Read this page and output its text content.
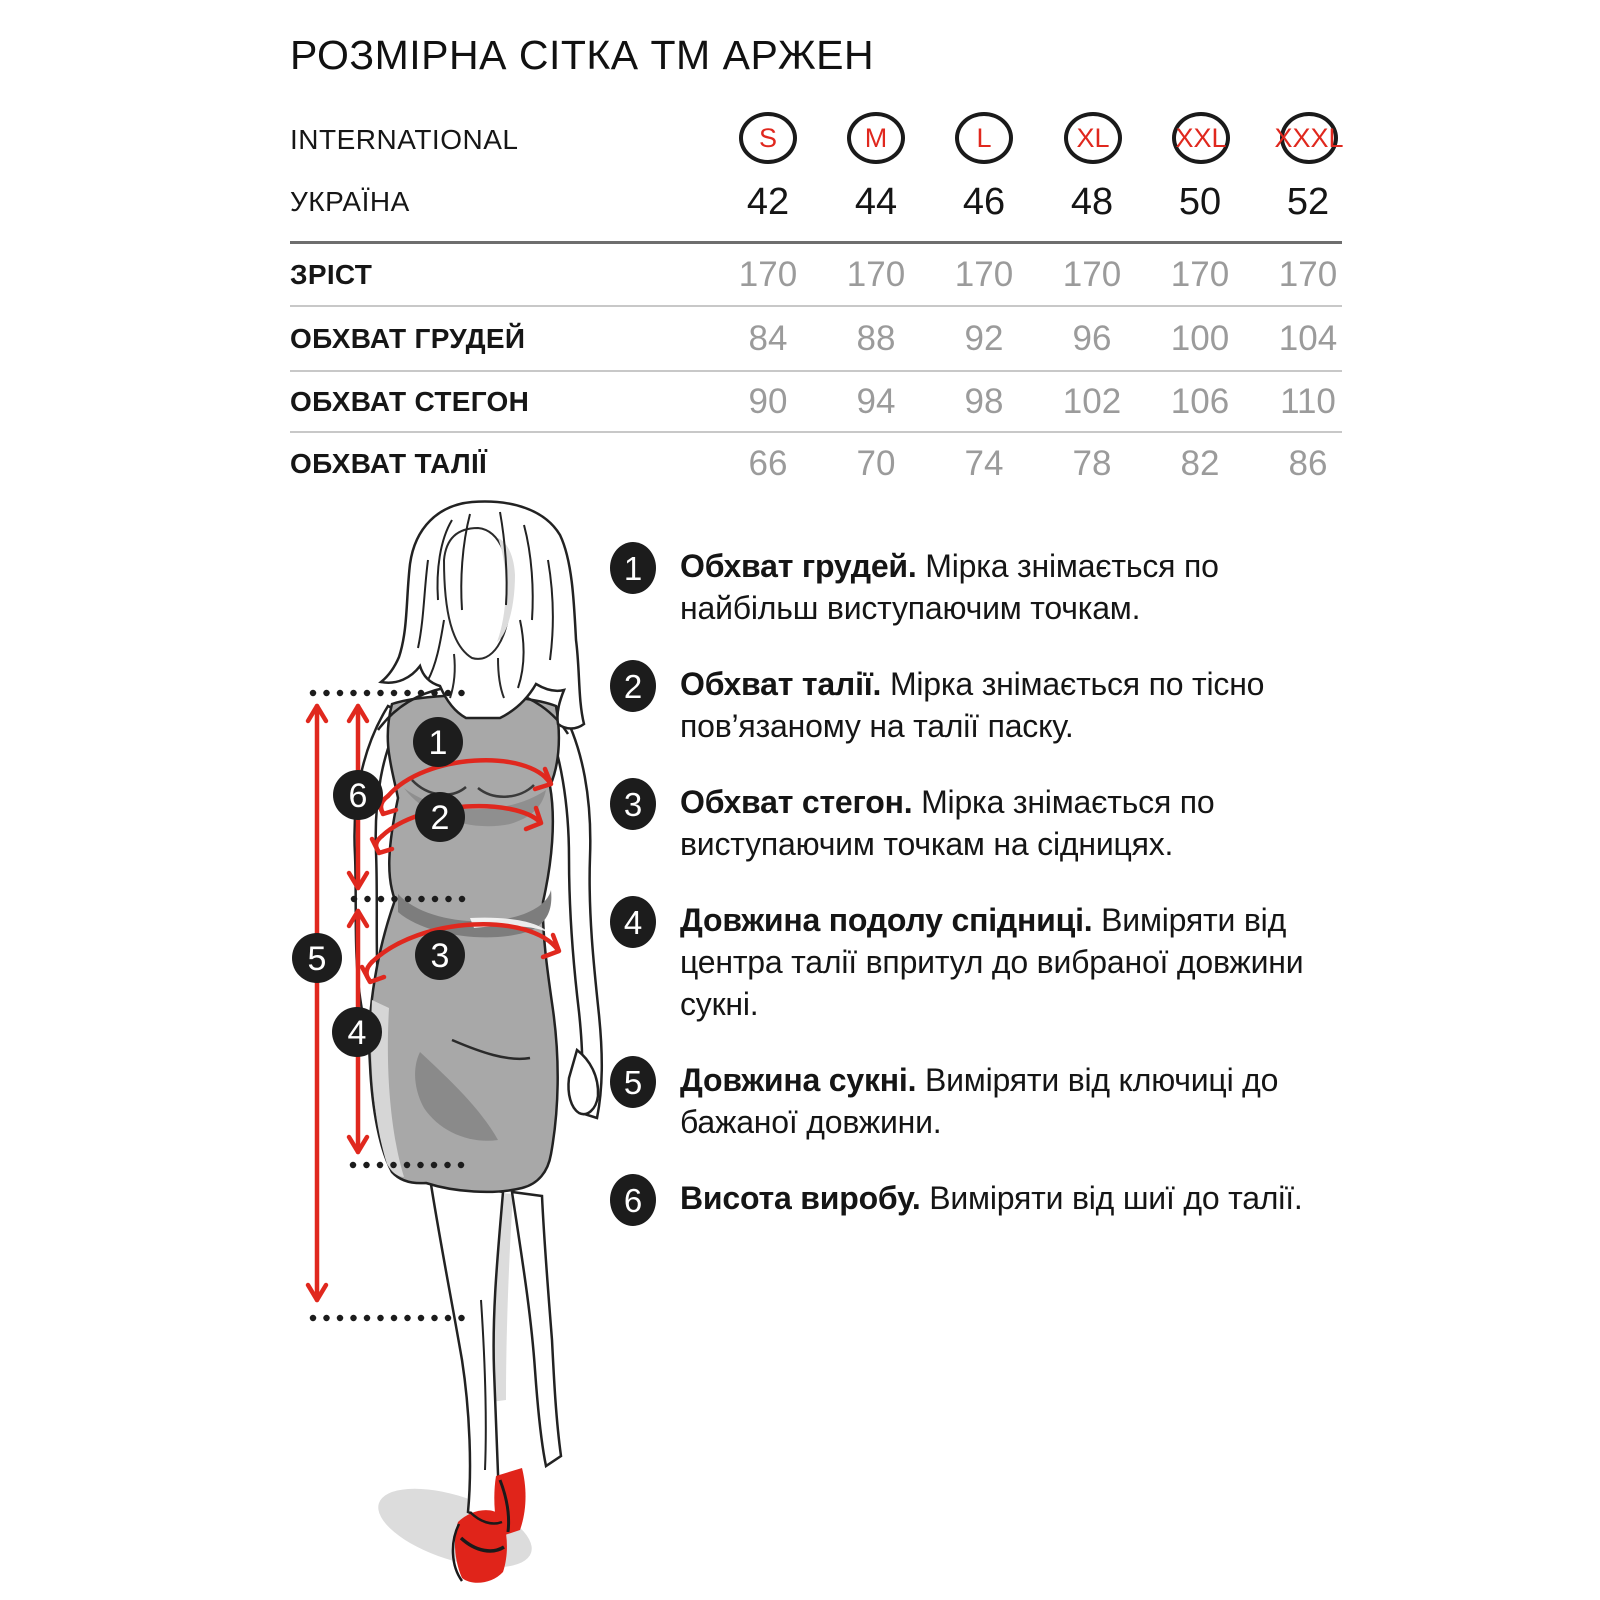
РОЗМІРНА СІТКА ТМ АРЖЕН
INTERNATIONAL	S	M	L	XL XXL XXXL
УКРАЇНА	42	44	46	48	50	52
ЗРІСТ	170	170	170	170	170	170
ОБХВАТ ГРУДЕЙ	84	88	92	96	100	104
ОБХВАТ СТЕГОН	90	94	98	102	106	110
ОБХВАТ ТАЛІЇ	66	70	74	78	82	86
1
2
3
4
5
6
1 Обхват грудей. Мірка знімається по найбільш виступаючим точкам.
2 Обхват талії. Мірка знімається по тісно пов’язаному на талії паску.
3 Обхват стегон. Мірка знімається по виступаючим точкам на сідницях.
4 Довжина подолу спідниці. Виміряти від центра талії впритул до вибраної довжини сукні.
5 Довжина сукні. Виміряти від ключиці до бажаної довжини.
6 Висота виробу. Виміряти від шиї до талії.
